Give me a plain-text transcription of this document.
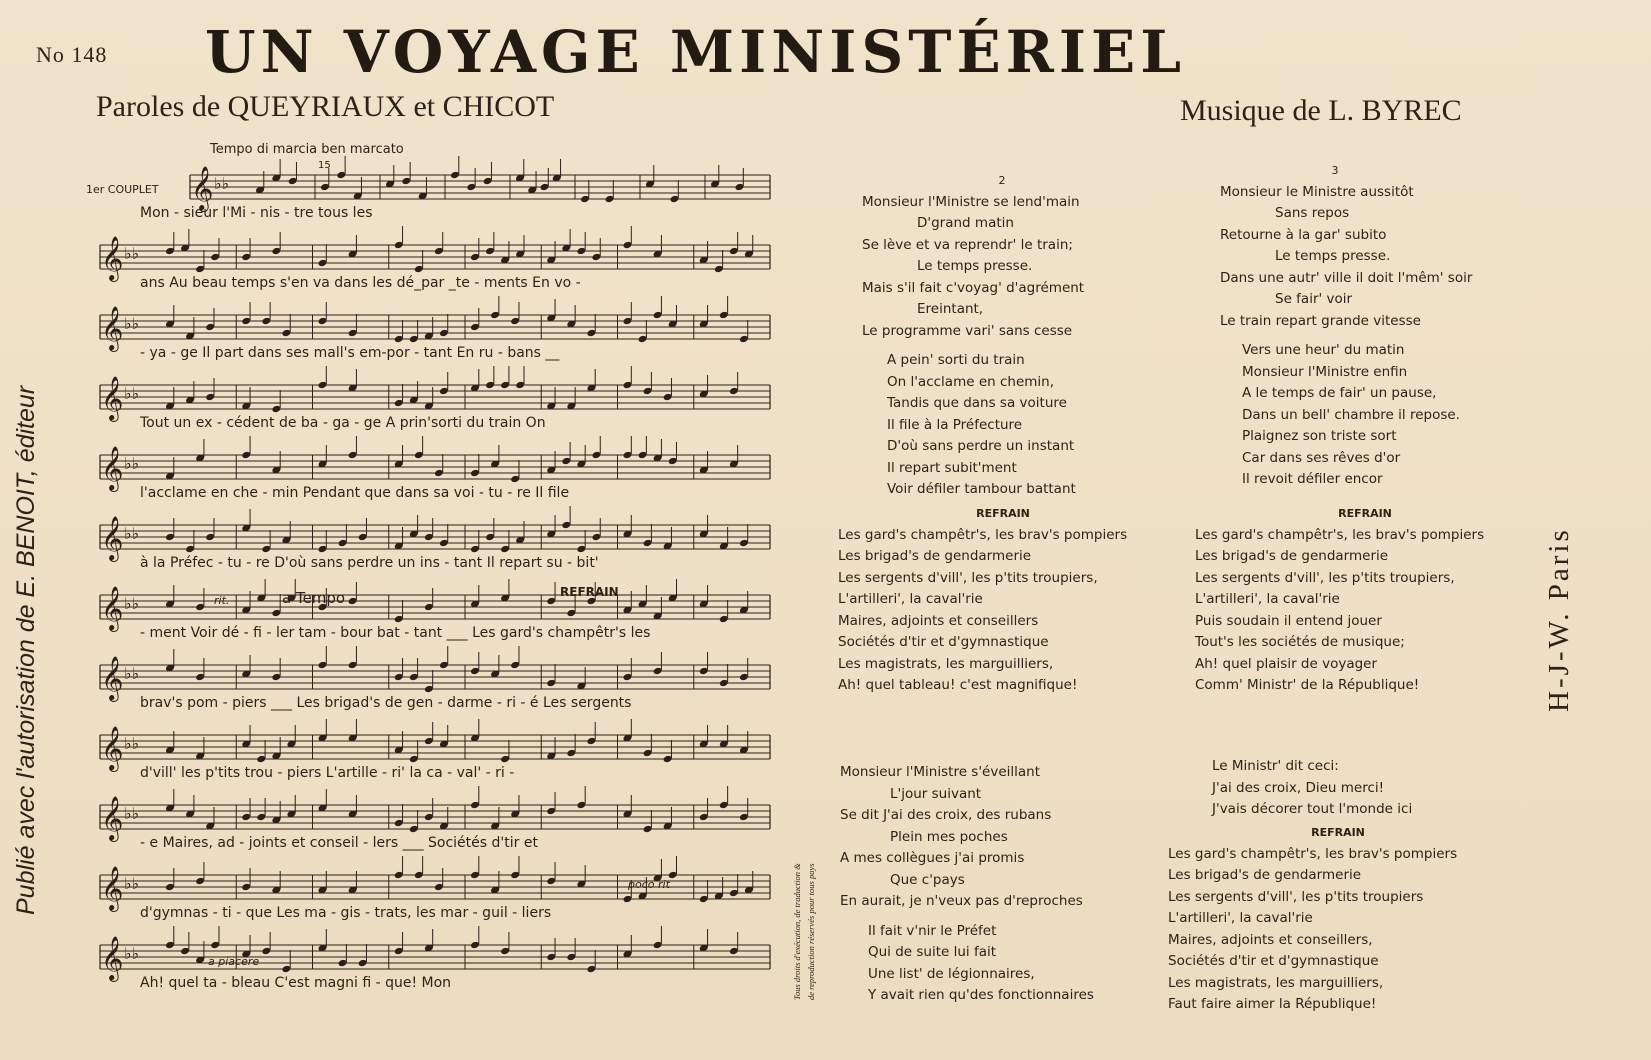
No 148 UN VOYAGE MINISTÉRIEL
Paroles de QUEYRIAUX et CHICOT	Musique de L. BYREC
Publié avec l'autorisation de E. BENOIT, éditeur	H-J-W. Paris
Tous droits d'exécution, de traduction & de reproduction réservés pour tous pays
𝄞 ♭♭
𝄞 ♭♭
𝄞 ♭♭
𝄞 ♭♭
𝄞 ♭♭
𝄞 ♭♭
𝄞 ♭♭
𝄞 ♭♭
𝄞 ♭♭
𝄞 ♭♭
𝄞 ♭♭
𝄞 ♭♭
Tempo di marcia ben marcato
1er COUPLET
15
rit.	a Tempo	REFRAIN
poco rit
a piacere
Mon - sieur l'Mi - nis - tre tous les
ans Au beau temps s'en va dans les dé_par _te - ments En vo -
- ya - ge Il part dans ses mall's em-por - tant En ru - bans __
Tout un ex - cédent de ba - ga - ge A prin'sorti du train On
l'acclame en che - min Pendant que dans sa voi - tu - re Il file
à la Préfec - tu - re D'où sans perdre un ins - tant Il repart su - bit'
- ment Voir dé - fi - ler tam - bour bat - tant ___ Les gard's champêtr's les
brav's pom - piers ___ Les brigad's de gen - darme - ri - é Les sergents
d'vill' les p'tits trou - piers L'artille - ri' la ca - val' - ri -
- e Maires, ad - joints et conseil - lers ___ Sociétés d'tir et
d'gymnas - ti - que Les ma - gis - trats, les mar - guil - liers
Ah! quel ta - bleau C'est magni fi - que! Mon
2
Monsieur l'Ministre se lend'main
D'grand matin
Se lève et va reprendr' le train;
Le temps presse.
Mais s'il fait c'voyag' d'agrément
Ereintant,
Le programme vari' sans cesse
A pein' sorti du train
On l'acclame en chemin,
Tandis que dans sa voiture
Il file à la Préfecture
D'où sans perdre un instant
Il repart subit'ment
Voir défiler tambour battant
REFRAIN
Les gard's champêtr's, les brav's pompiers
Les brigad's de gendarmerie
Les sergents d'vill', les p'tits troupiers,
L'artilleri', la caval'rie
Maires, adjoints et conseillers
Sociétés d'tir et d'gymnastique
Les magistrats, les marguilliers,
Ah! quel tableau! c'est magnifique!
3
Monsieur le Ministre aussitôt
Sans repos
Retourne à la gar' subito
Le temps presse.
Dans une autr' ville il doit l'mêm' soir
Se fair' voir
Le train repart grande vitesse
Vers une heur' du matin
Monsieur l'Ministre enfin
A le temps de fair' un pause,
Dans un bell' chambre il repose.
Plaignez son triste sort
Car dans ses rêves d'or
Il revoit défiler encor
REFRAIN
Les gard's champêtr's, les brav's pompiers
Les brigad's de gendarmerie
Les sergents d'vill', les p'tits troupiers,
L'artilleri', la caval'rie
Puis soudain il entend jouer
Tout's les sociétés de musique;
Ah! quel plaisir de voyager
Comm' Ministr' de la République!
Monsieur l'Ministre s'éveillant
L'jour suivant
Se dit J'ai des croix, des rubans
Plein mes poches
A mes collègues j'ai promis
Que c'pays
En aurait, je n'veux pas d'reproches
Il fait v'nir le Préfet
Qui de suite lui fait
Une list' de légionnaires,
Y avait rien qu'des fonctionnaires
Le Ministr' dit ceci:
J'ai des croix, Dieu merci!
J'vais décorer tout l'monde ici
REFRAIN
Les gard's champêtr's, les brav's pompiers
Les brigad's de gendarmerie
Les sergents d'vill', les p'tits troupiers
L'artilleri', la caval'rie
Maires, adjoints et conseillers,
Sociétés d'tir et d'gymnastique
Les magistrats, les marguilliers,
Faut faire aimer la République!
